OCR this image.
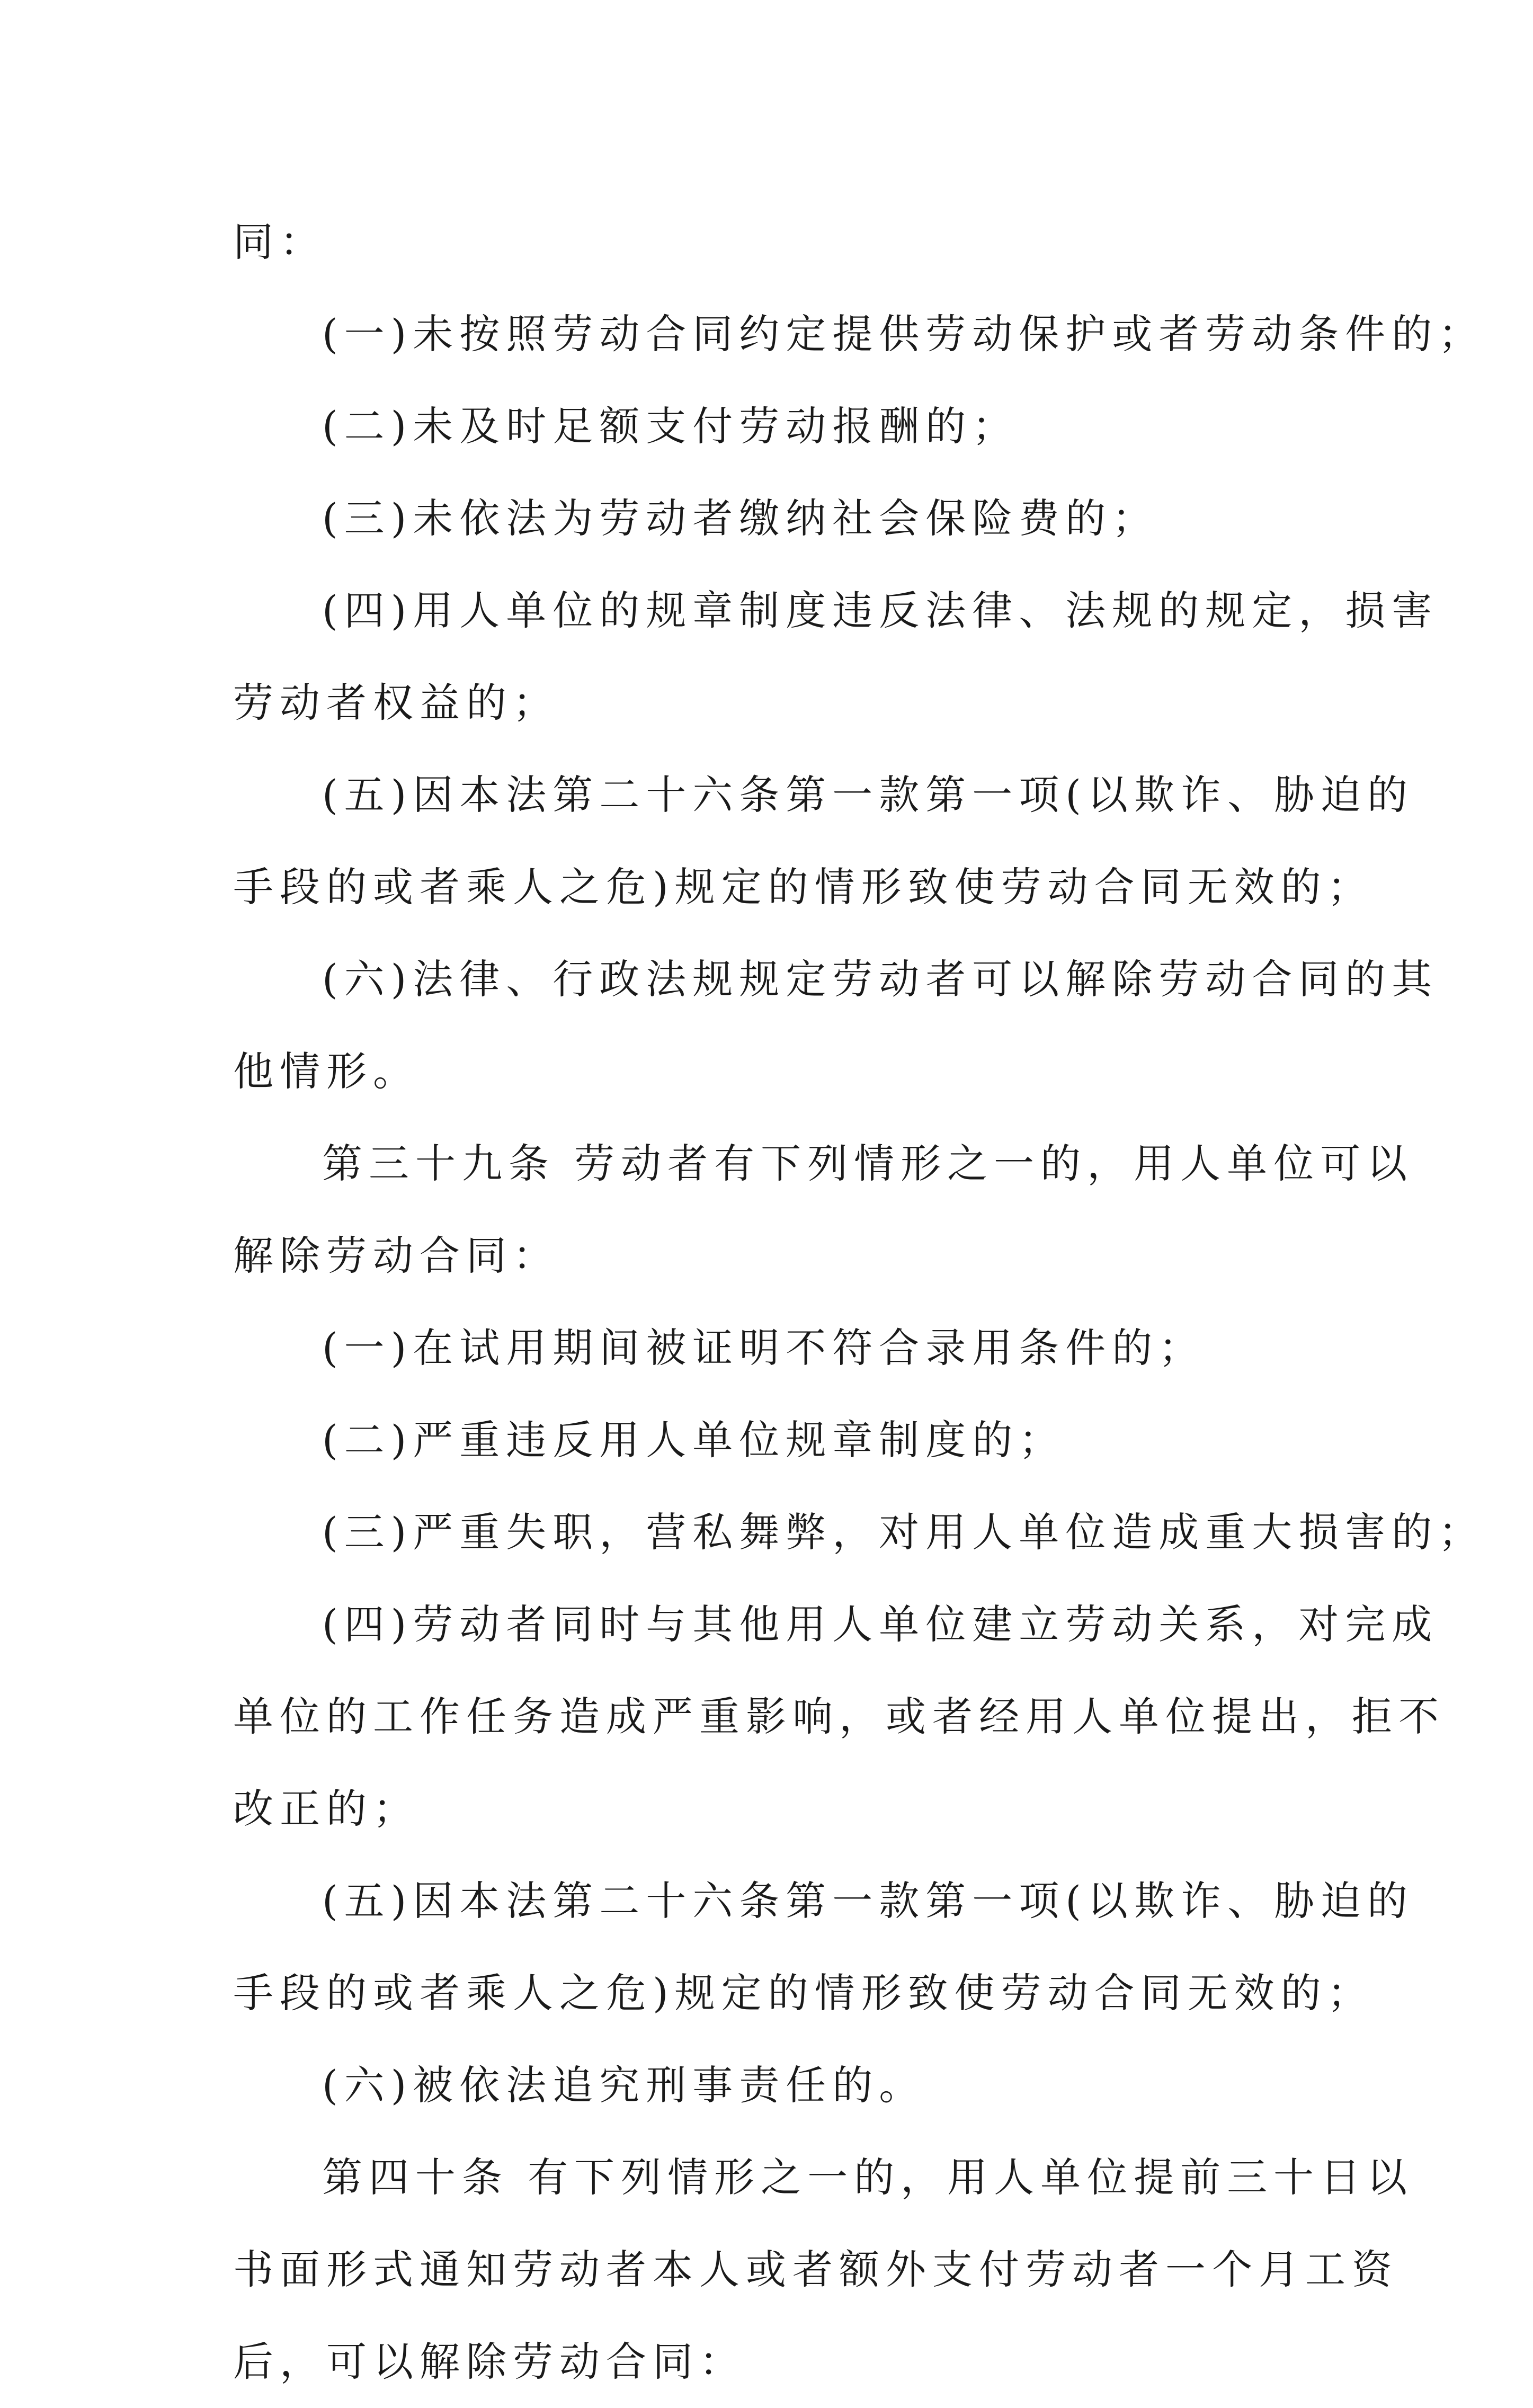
同：
(一)未按照劳动合同约定提供劳动保护或者劳动条件的；
(二)未及时足额支付劳动报酬的；
(三)未依法为劳动者缴纳社会保险费的；
(四)用人单位的规章制度违反法律、法规的规定，损害
劳动者权益的；
(五)因本法第二十六条第一款第一项(以欺诈、胁迫的
手段的或者乘人之危)规定的情形致使劳动合同无效的；
(六)法律、行政法规规定劳动者可以解除劳动合同的其
他情形。
第三十九条 劳动者有下列情形之一的，用人单位可以
解除劳动合同：
(一)在试用期间被证明不符合录用条件的；
(二)严重违反用人单位规章制度的；
(三)严重失职，营私舞弊，对用人单位造成重大损害的；
(四)劳动者同时与其他用人单位建立劳动关系，对完成
单位的工作任务造成严重影响，或者经用人单位提出，拒不
改正的；
(五)因本法第二十六条第一款第一项(以欺诈、胁迫的
手段的或者乘人之危)规定的情形致使劳动合同无效的；
(六)被依法追究刑事责任的。
第四十条 有下列情形之一的，用人单位提前三十日以
书面形式通知劳动者本人或者额外支付劳动者一个月工资
后，可以解除劳动合同：
